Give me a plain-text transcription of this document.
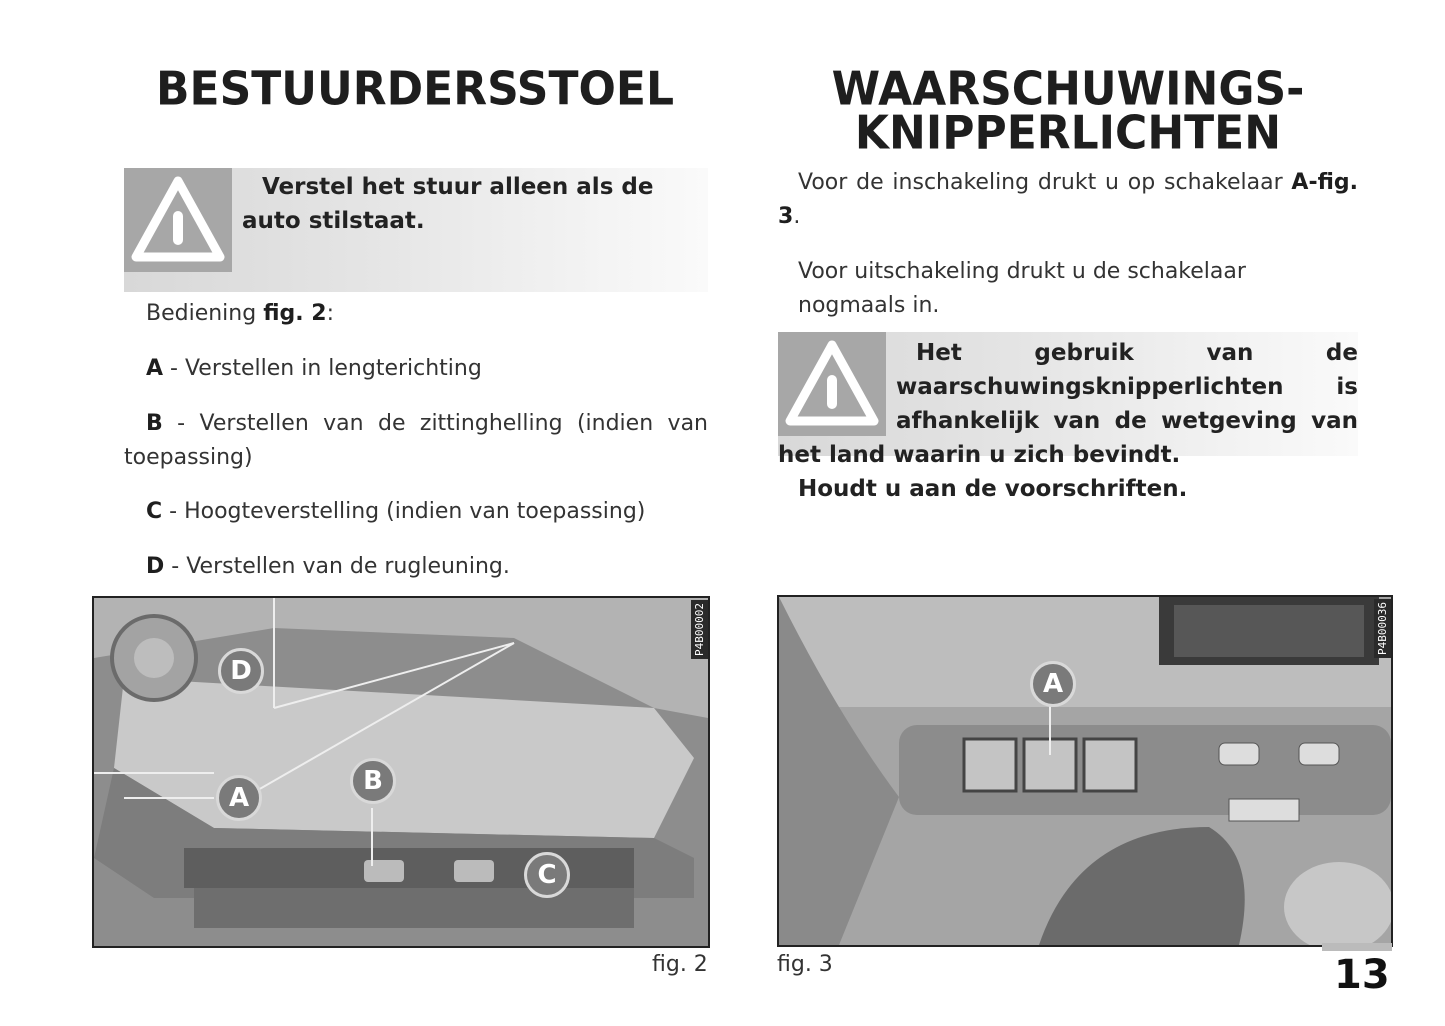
BESTUURDERSSTOEL
Verstel het stuur alleen als de auto stilstaat.
Bediening fig. 2:
A - Verstellen in lengterichting
B - Verstellen van de zittinghelling (indien van toepassing)
C - Hoogteverstelling (indien van toepassing)
D - Verstellen van de rugleuning.
A
B
C
D
P4B00002
fig. 2
WAARSCHUWINGS-
KNIPPERLICHTEN
Voor de inschakeling drukt u op schakelaar A-fig. 3.
Voor uitschakeling drukt u de schakelaar nogmaals in.
Het gebruik van de waarschuwingsknipperlichten is afhankelijk van de wetgeving van het land waarin u zich bevindt.
Houdt u aan de voorschriften.
A
P4B00036
fig. 3	13
